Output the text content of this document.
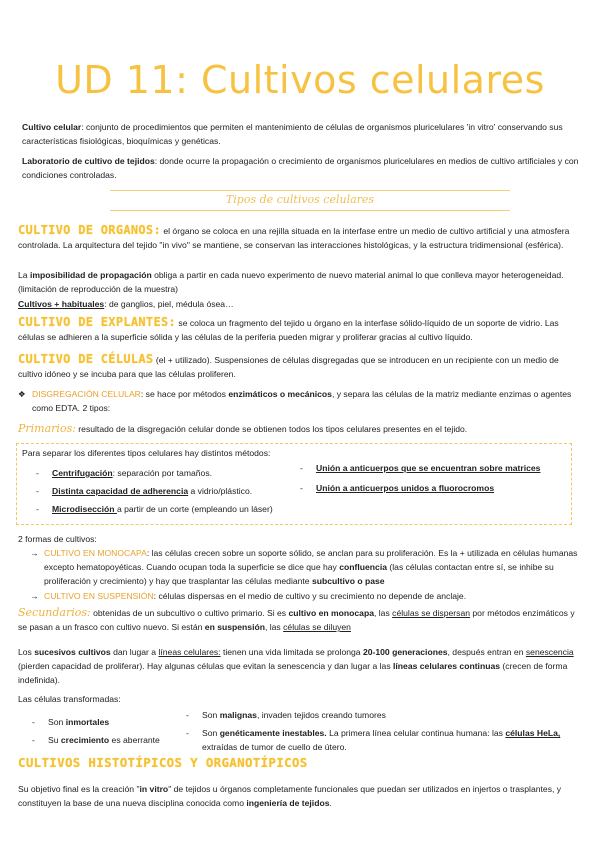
UD 11: Cultivos celulares
Cultivo celular: conjunto de procedimientos que permiten el mantenimiento de células de organismos pluricelulares 'in vitro' conservando sus características fisiológicas, bioquímicas y genéticas.
Laboratorio de cultivo de tejidos: donde ocurre la propagación o crecimiento de organismos pluricelulares en medios de cultivo artificiales y con condiciones controladas.
Tipos de cultivos celulares
CULTIVO DE ORGANOS: el órgano se coloca en una rejilla situada en la interfase entre un medio de cultivo artificial y una atmosfera controlada. La arquitectura del tejido "in vivo" se mantiene, se conservan las interacciones histológicas, y la estructura tridimensional (esférica).
La imposibilidad de propagación obliga a partir en cada nuevo experimento de nuevo material animal lo que conlleva mayor heterogeneidad. (limitación de reproducción de la muestra)
Cultivos + habituales: de ganglios, piel, médula ósea…
CULTIVO DE EXPLANTES: se coloca un fragmento del tejido u órgano en la interfase sólido-líquido de un soporte de vidrio. Las células se adhieren a la superficie sólida y las células de la periferia pueden migrar y proliferar gracias al cultivo líquido.
CULTIVO DE CÉLULAS (el + utilizado). Suspensiones de células disgregadas que se introducen en un recipiente con un medio de cultivo idóneo y se incuba para que las células proliferen.
❖ DISGREGACIÓN CELULAR: se hace por métodos enzimáticos o mecánicos, y separa las células de la matriz mediante enzimas o agentes como EDTA. 2 tipos:
Primarios: resultado de la disgregación celular donde se obtienen todos los tipos celulares presentes en el tejido.
Para separar los diferentes tipos celulares hay distintos métodos:
- Centrifugación: separación por tamaños.
- Distinta capacidad de adherencia a vidrio/plástico.
- Microdisección a partir de un corte (empleando un láser)
- Unión a anticuerpos que se encuentran sobre matrices
- Unión a anticuerpos unidos a fluorocromos
2 formas de cultivos:
→ CULTIVO EN MONOCAPA: las células crecen sobre un soporte sólido, se anclan para su proliferación. Es la + utilizada en células humanas excepto hematopoyéticas. Cuando ocupan toda la superficie se dice que hay confluencia (las células contactan entre sí, se inhibe su proliferación y crecimiento) y hay que trasplantar las células mediante subcultivo o pase
→ CULTIVO EN SUSPENSIÓN: células dispersas en el medio de cultivo y su crecimiento no depende de anclaje.
Secundarios: obtenidas de un subcultivo o cultivo primario. Si es cultivo en monocapa, las células se dispersan por métodos enzimáticos y se pasan a un frasco con cultivo nuevo. Si están en suspensión, las células se diluyen
Los sucesivos cultivos dan lugar a líneas celulares: tienen una vida limitada se prolonga 20-100 generaciones, después entran en senescencia (pierden capacidad de proliferar). Hay algunas células que evitan la senescencia y dan lugar a las líneas celulares continuas (crecen de forma indefinida).
Las células transformadas:
- Son inmortales
- Su crecimiento es aberrante
- Son malignas, invaden tejidos creando tumores
- Son genéticamente inestables. La primera línea celular continua humana: las células HeLa, extraídas de tumor de cuello de útero.
CULTIVOS HISTOTÍPICOS Y ORGANOTÍPICOS
Su objetivo final es la creación "in vitro" de tejidos u órganos completamente funcionales que puedan ser utilizados en injertos o trasplantes, y constituyen la base de una nueva disciplina conocida como ingeniería de tejidos.
